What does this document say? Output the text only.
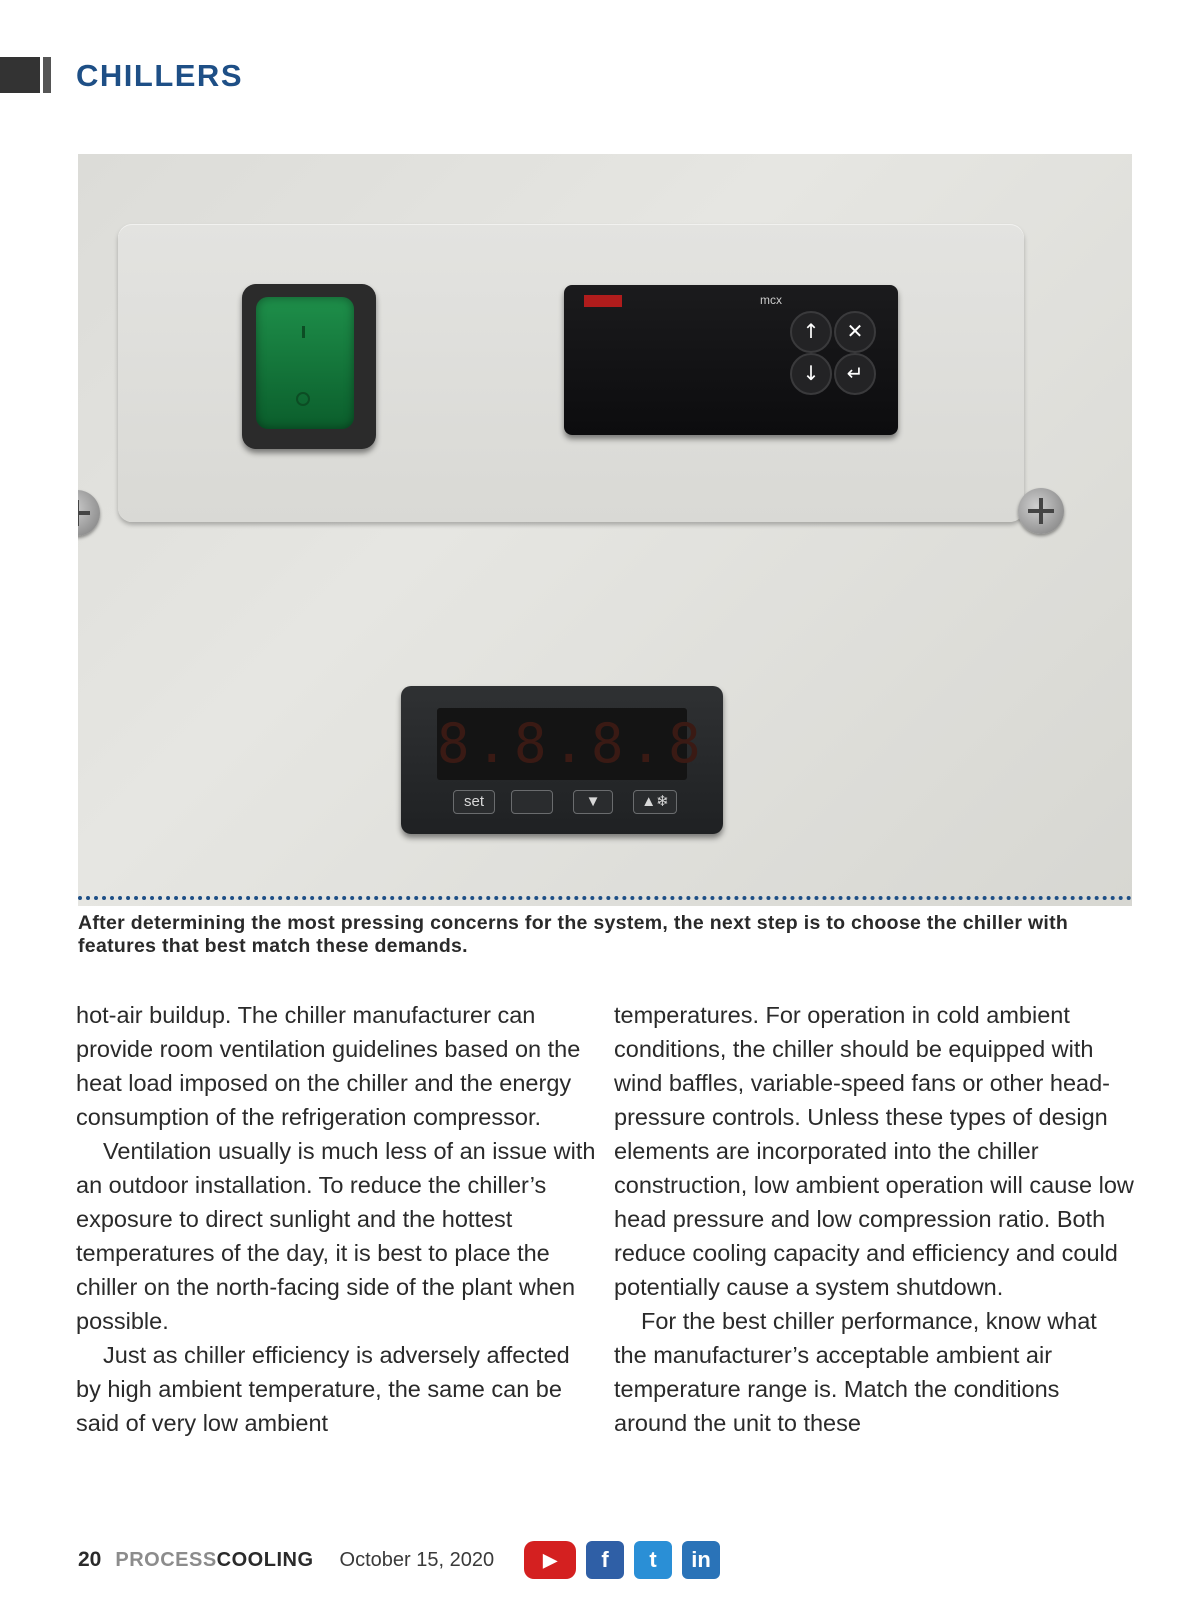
CHILLERS
mcx
↑	✕
↓	↵
8.8.8.8
set	▼	▲❄
After determining the most pressing concerns for the system, the next step is to choose the chiller with features that best match these demands.

hot-air buildup. The chiller manufacturer can provide room ventilation guidelines based on the heat load imposed on the chiller and the energy consumption of the refrigeration compressor.

Ventilation usually is much less of an issue with an outdoor installation. To reduce the chiller’s exposure to direct sunlight and the hottest temperatures of the day, it is best to place the chiller on the north-facing side of the plant when possible.

Just as chiller efficiency is adversely affected by high ambient temperature, the same can be said of very low ambient

temperatures. For operation in cold ambient conditions, the chiller should be equipped with wind baffles, variable-speed fans or other head-pressure controls. Unless these types of design elements are incorporated into the chiller construction, low ambient operation will cause low head pressure and low compression ratio. Both reduce cooling capacity and efficiency and could potentially cause a system shutdown.

For the best chiller performance, know what the manufacturer’s acceptable ambient air temperature range is. Match the conditions around the unit to these

20 PROCESS COOLING October 15, 2020	▶	f	t	in
